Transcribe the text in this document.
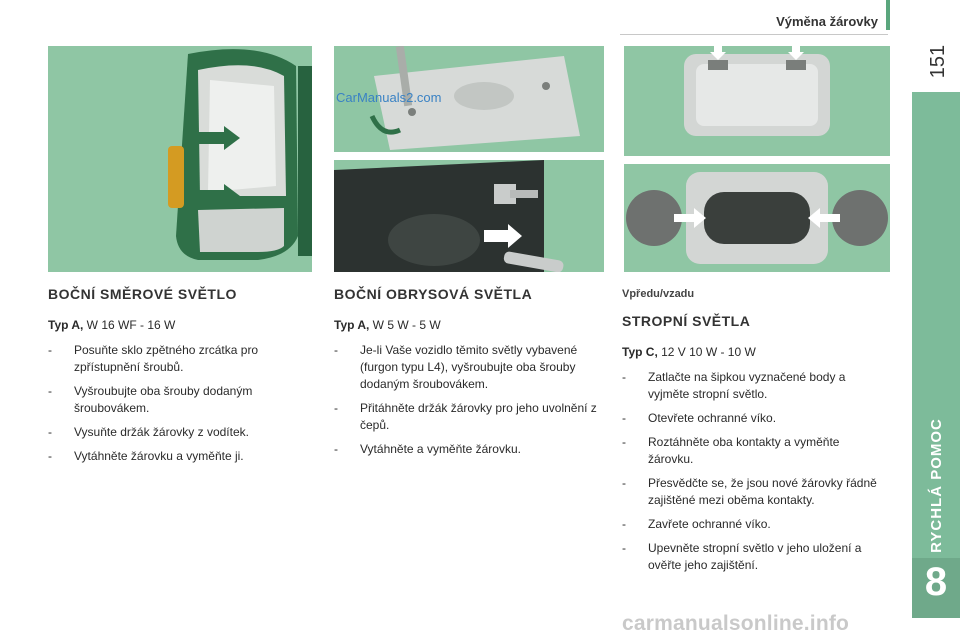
Výměna žárovky
151
RYCHLÁ POMOC
8
CarManuals2.com
BOČNÍ SMĚROVÉ SVĚTLO
Typ A, W 16 WF - 16 W
- Posuňte sklo zpětného zrcátka pro zpřístupnění šroubů.
- Vyšroubujte oba šrouby dodaným šroubovákem.
- Vysuňte držák žárovky z vodítek.
- Vytáhněte žárovku a vyměňte ji.
BOČNÍ OBRYSOVÁ SVĚTLA
Typ A, W 5 W - 5 W
- Je-li Vaše vozidlo těmito světly vybavené (furgon typu L4), vyšroubujte oba šrouby dodaným šroubovákem.
- Přitáhněte držák žárovky pro jeho uvolnění z čepů.
- Vytáhněte a vyměňte žárovku.
Vpředu/vzadu
STROPNÍ SVĚTLA
Typ C, 12 V 10 W - 10 W
- Zatlačte na šipkou vyznačené body a vyjměte stropní světlo.
- Otevřete ochranné víko.
- Roztáhněte oba kontakty a vyměňte žárovku.
- Přesvědčte se, že jsou nové žárovky řádně zajištěné mezi oběma kontakty.
- Zavřete ochranné víko.
- Upevněte stropní světlo v jeho uložení a ověřte jeho zajištění.
carmanualsonline.info
